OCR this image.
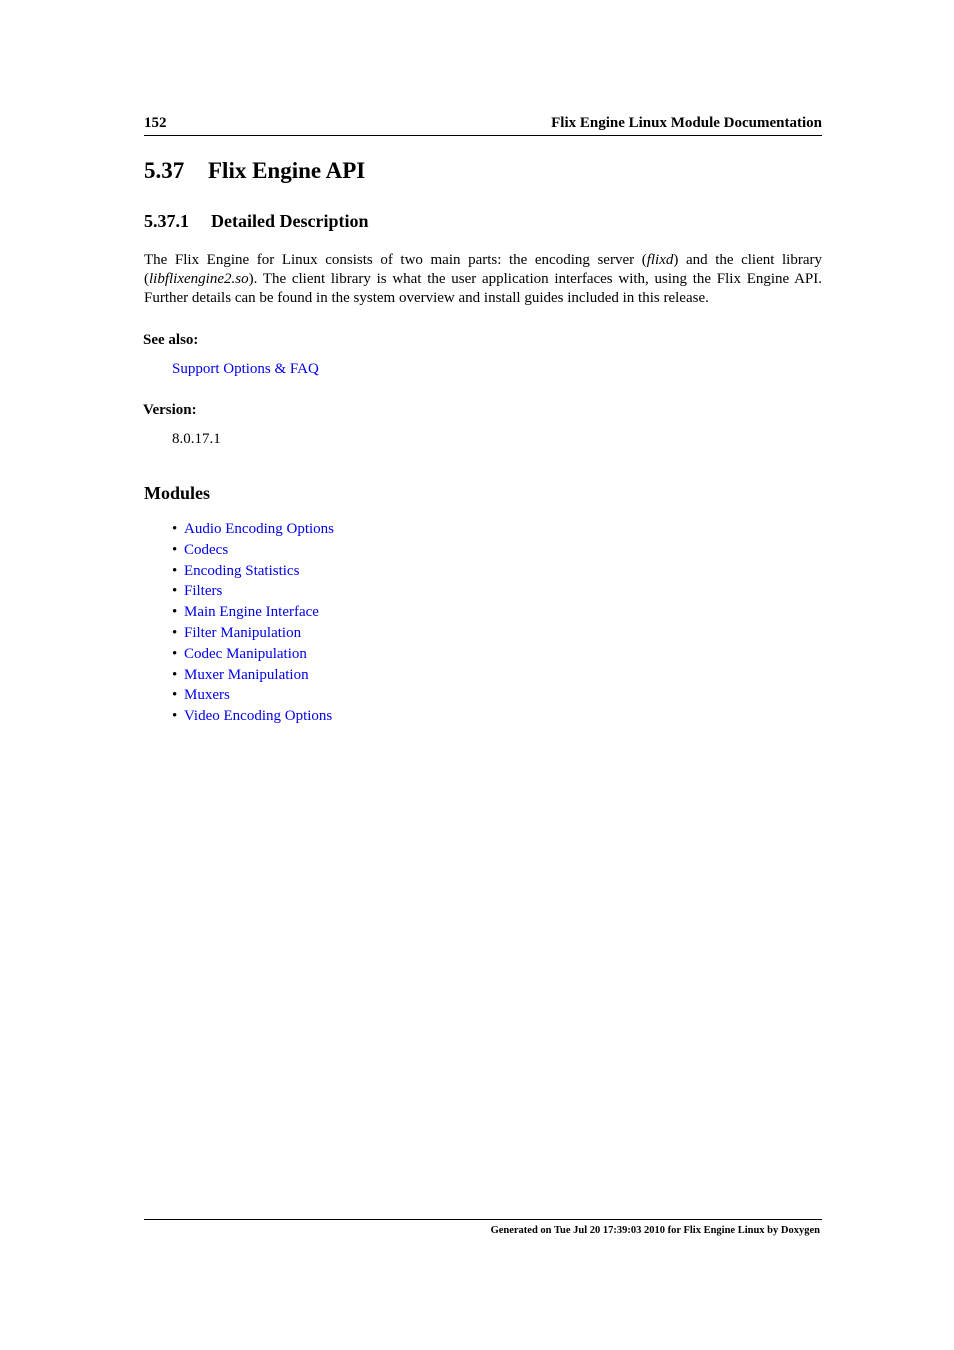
152	Flix Engine Linux Module Documentation
5.37 Flix Engine API
5.37.1 Detailed Description

The Flix Engine for Linux consists of two main parts: the encoding server (flixd) and the client library (libflixengine2.so). The client library is what the user application interfaces with, using the Flix Engine API. Further details can be found in the system overview and install guides included in this release.

See also:

Support Options & FAQ

Version:

8.0.17.1

Modules
• Audio Encoding Options
• Codecs
• Encoding Statistics
• Filters
• Main Engine Interface
• Filter Manipulation
• Codec Manipulation
• Muxer Manipulation
• Muxers
• Video Encoding Options
Generated on Tue Jul 20 17:39:03 2010 for Flix Engine Linux by Doxygen
